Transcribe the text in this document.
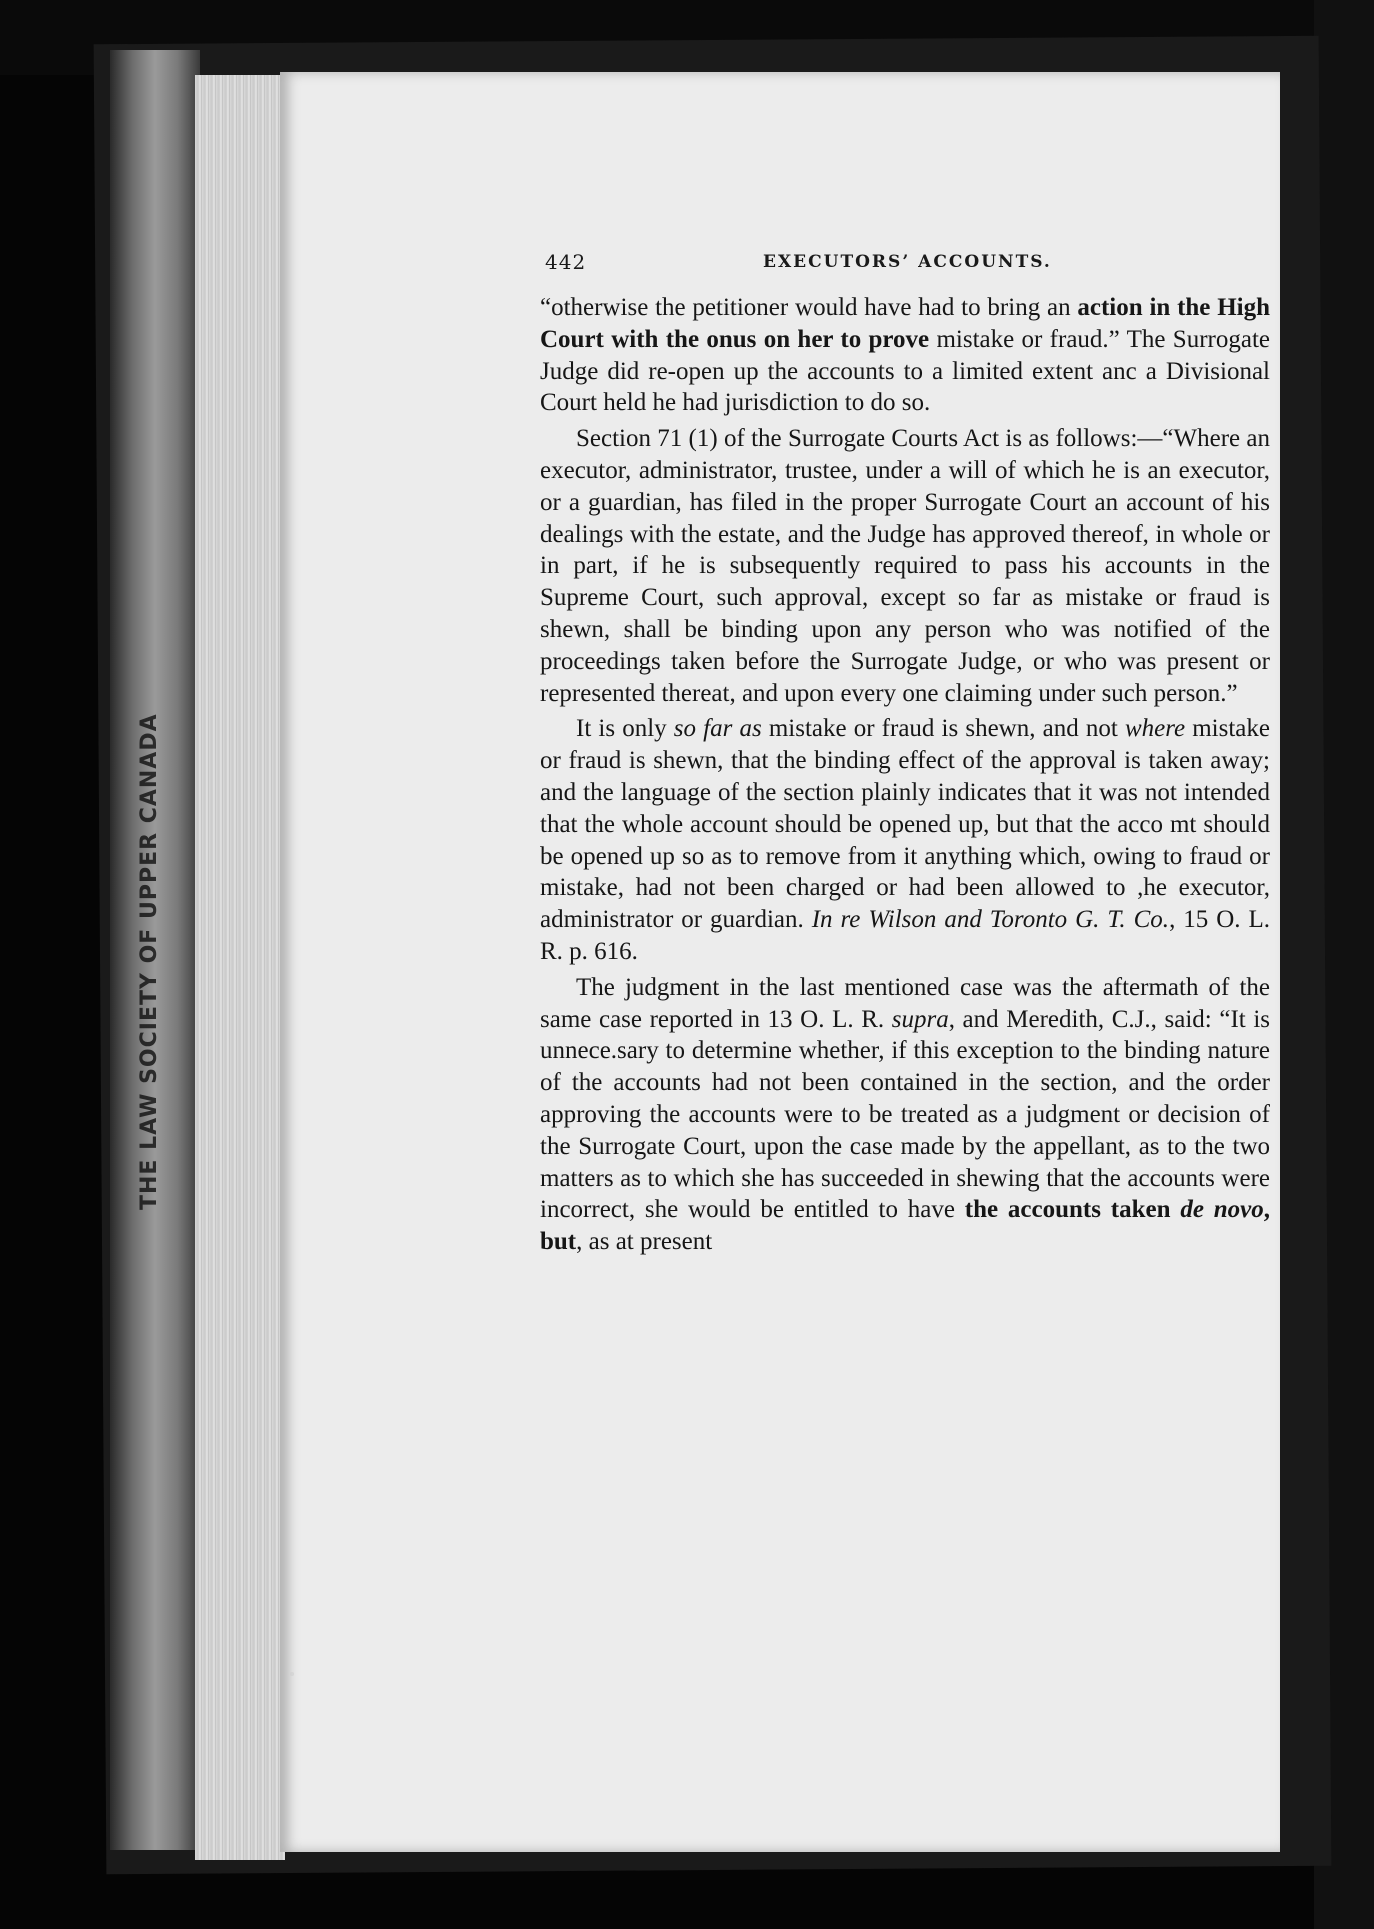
THE LAW SOCIETY OF UPPER CANADA
442	EXECUTORS’ ACCOUNTS.

“otherwise the petitioner would have had to bring an action in the High Court with the onus on her to prove mistake or fraud.” The Surrogate Judge did re-open up the accounts to a limited extent anc a Divisional Court held he had jurisdiction to do so.

Section 71 (1) of the Surrogate Courts Act is as follows:—“Where an executor, administrator, trustee, under a will of which he is an executor, or a guardian, has filed in the proper Surrogate Court an account of his dealings with the estate, and the Judge has approved thereof, in whole or in part, if he is subsequently required to pass his accounts in the Supreme Court, such approval, except so far as mistake or fraud is shewn, shall be binding upon any person who was notified of the proceedings taken before the Surrogate Judge, or who was present or represented thereat, and upon every one claiming under such person.”

It is only so far as mistake or fraud is shewn, and not where mistake or fraud is shewn, that the binding effect of the approval is taken away; and the language of the section plainly indicates that it was not intended that the whole account should be opened up, but that the acco mt should be opened up so as to remove from it anything which, owing to fraud or mistake, had not been charged or had been allowed to ,he executor, administrator or guardian. In re Wilson and Toronto G. T. Co., 15 O. L. R. p. 616.

The judgment in the last mentioned case was the aftermath of the same case reported in 13 O. L. R. supra, and Meredith, C.J., said: “It is unnece.sary to determine whether, if this exception to the binding nature of the accounts had not been contained in the section, and the order approving the accounts were to be treated as a judgment or decision of the Surrogate Court, upon the case made by the appellant, as to the two matters as to which she has succeeded in shewing that the accounts were incorrect, she would be entitled to have the accounts taken de novo, but, as at present
